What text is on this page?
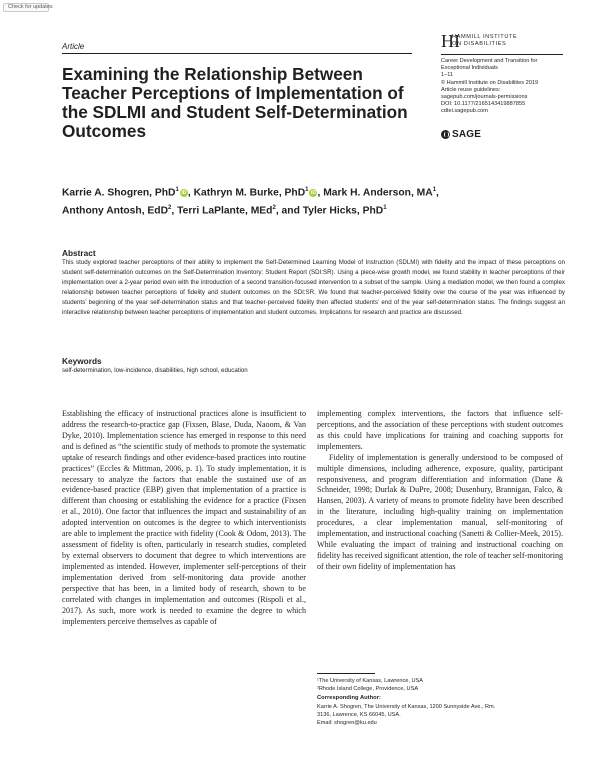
Check for updates
Article
Examining the Relationship Between Teacher Perceptions of Implementation of the SDLMI and Student Self-Determination Outcomes
HI
HAMMILL INSTITUTE
ON DISABILITIES
Career Development and Transition for
Exceptional Individuals
1–11
© Hammill Institute on Disabilities 2019
Article reuse guidelines:
sagepub.com/journals-permissions
DOI: 10.1177/2165143419887855
cdtei.sagepub.com
SAGE
Karrie A. Shogren, PhD$^1$iD , Kathryn M. Burke, PhD$^1$iD , Mark H. Anderson, $MA^1$,
Anthony Antosh, EdD$^2$, Terri LaPlante, MEd$^2$, and Tyler Hicks, PhD$^1$
Abstract
This study explored teacher perceptions of their ability to implement the Self-Determined Learning Model of Instruction (SDLMI) with fidelity and the impact of these perceptions on student self-determination outcomes on the Self-Determination Inventory: Student Report (SDI:SR). Using a piece-wise growth model, we found stability in teacher perceptions of their implementation over a 2-year period even with the introduction of a second transition-focused intervention to a subset of the sample. Using a mediation model, we then found a complex relationship between teacher perceptions of fidelity and student outcomes on the SDI:SR. We found that teacher-perceived fidelity over the course of the year was influenced by students’ beginning of the year self-determination status and that teacher-perceived fidelity then affected students’ end of the year self-determination status. The findings suggest an interactive relationship between teacher perceptions of implementation and student outcomes. Implications for research and practice are discussed.
Keywords
self-determination, low-incidence, disabilities, high school, education
Establishing the efficacy of instructional practices alone is insufficient to address the research-to-practice gap (Fixsen, Blase, Duda, Naoom, & Van Dyke, 2010). Implementation science has emerged in response to this need and is defined as “the scientific study of methods to promote the systematic uptake of research findings and other evidence-based practices into routine practices” (Eccles & Mittman, 2006, p. 1). To study implementation, it is necessary to analyze the factors that enable the sustained use of an evidence-based practice (EBP) given that implementation of a practice is different than choosing or establishing the evidence for a practice (Fixsen et al., 2010). One factor that influences the impact and sustainability of an adopted intervention on outcomes is the degree to which interventionists are able to implement the practice with fidelity (Cook & Odom, 2013). The assessment of fidelity is often, particularly in research studies, completed by external observers to document that degree to which interventions are implemented as intended. However, implementer self-perceptions of their implementation derived from self-monitoring data provide another perspective that has been, in a limited body of research, shown to be correlated with changes in implementation and outcomes (Rispoli et al., 2017). As such, more work is needed to examine the degree to which implementers perceive themselves as capable of

implementing complex interventions, the factors that influence self-perceptions, and the association of these perceptions with student outcomes as this could have implications for training and coaching supports for implementers.

Fidelity of implementation is generally understood to be composed of multiple dimensions, including adherence, exposure, quality, participant responsiveness, and program differentiation and information (Dane & Schneider, 1998; Durlak & DuPre, 2008; Dusenbury, Brannigan, Falco, & Hansen, 2003). A variety of means to promote fidelity have been described in the literature, including high-quality training on implementation procedures, a clear implementation manual, self-monitoring of implementation, and instructional coaching (Sanetti & Collier-Meek, 2015). While evaluating the impact of training and instructional coaching on fidelity has received significant attention, the role of teacher self-monitoring of their own fidelity of implementation has

¹The University of Kansas, Lawrence, USA
²Rhode Island College, Providence, USA
Corresponding Author:
Karrie A. Shogren, The University of Kansas, 1200 Sunnyside Ave., Rm.
3136, Lawrence, KS 66045, USA.
Email: shogren@ku.edu
